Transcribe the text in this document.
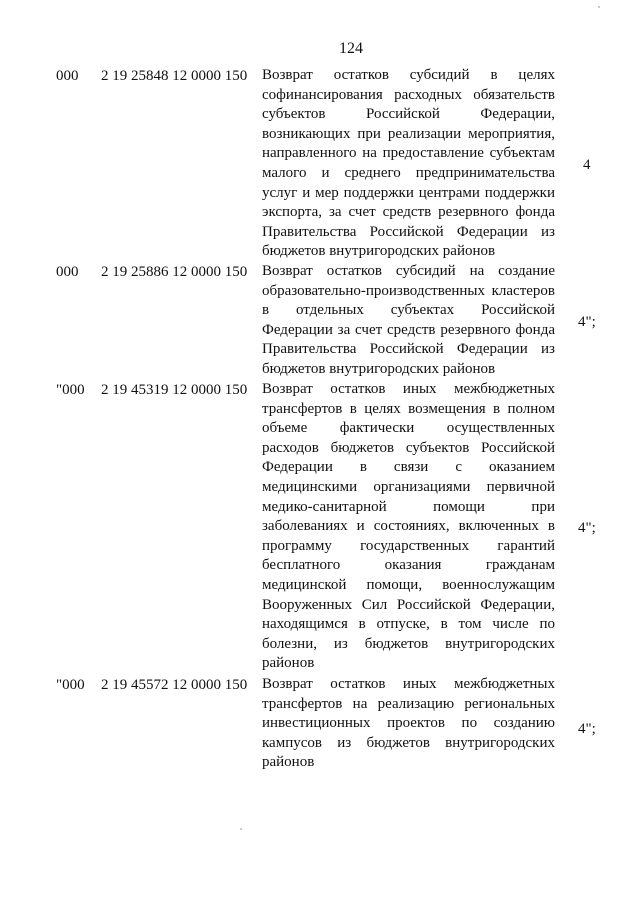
124
000 2 19 25848 12 0000 150 Возврат остатков субсидий в целях
софинансирования расходных обязательств
субъектов Российской Федерации,
возникающих при реализации мероприятия,
направленного на предоставление субъектам
малого и среднего предпринимательства
услуг и мер поддержки центрами поддержки
экспорта, за счет средств резервного фонда
Правительства Российской Федерации из
бюджетов внутригородских районов
4
000 2 19 25886 12 0000 150 Возврат остатков субсидий на создание
образовательно-производственных кластеров
в отдельных субъектах Российской
Федерации за счет средств резервного фонда
Правительства Российской Федерации из
бюджетов внутригородских районов
4";
"000 2 19 45319 12 0000 150 Возврат остатков иных межбюджетных
трансфертов в целях возмещения в полном
объеме фактически осуществленных
расходов бюджетов субъектов Российской
Федерации в связи с оказанием
медицинскими организациями первичной
медико-санитарной помощи при
заболеваниях и состояниях, включенных в
программу государственных гарантий
бесплатного оказания гражданам
медицинской помощи, военнослужащим
Вооруженных Сил Российской Федерации,
находящимся в отпуске, в том числе по
болезни, из бюджетов внутригородских
районов
4";
"000 2 19 45572 12 0000 150 Возврат остатков иных межбюджетных
трансфертов на реализацию региональных
инвестиционных проектов по созданию
кампусов из бюджетов внутригородских
районов
4";
